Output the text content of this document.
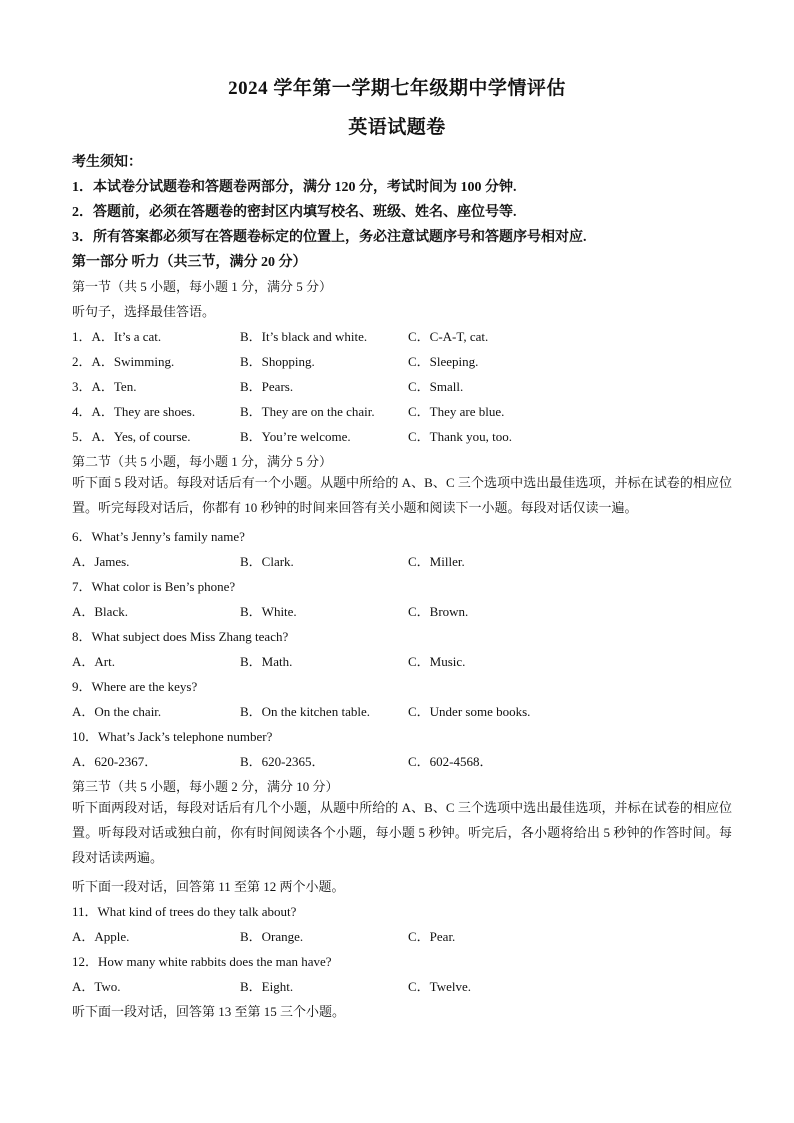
2024 学年第一学期七年级期中学情评估
英语试题卷
考生须知：
1．本试卷分试题卷和答题卷两部分，满分 120 分，考试时间为 100 分钟.
2．答题前，必须在答题卷的密封区内填写校名、班级、姓名、座位号等.
3．所有答案都必须写在答题卷标定的位置上，务必注意试题序号和答题序号相对应.
第一部分 听力（共三节，满分 20 分）
第一节（共 5 小题，每小题 1 分，满分 5 分）
听句子，选择最佳答语。
1．A．It’s a cat.	B．It’s black and white.	C．C-A-T, cat.
2．A．Swimming.	B．Shopping.	C．Sleeping.
3．A．Ten.	B．Pears.	C．Small.
4．A．They are shoes.	B．They are on the chair.	C．They are blue.
5．A．Yes, of course.	B．You’re welcome.	C．Thank you, too.
第二节（共 5 小题，每小题 1 分，满分 5 分）
听下面 5 段对话。每段对话后有一个小题。从题中所给的 A、B、C 三个选项中选出最佳选项，并标在试卷的相应位置。听完每段对话后，你都有 10 秒钟的时间来回答有关小题和阅读下一小题。每段对话仅读一遍。
6．What’s Jenny’s family name?
A．James.	B．Clark.	C．Miller.
7．What color is Ben’s phone?
A．Black.	B．White.	C．Brown.
8．What subject does Miss Zhang teach?
A．Art.	B．Math.	C．Music.
9．Where are the keys?
A．On the chair.	B．On the kitchen table.	C．Under some books.
10．What’s Jack’s telephone number?
A．620-2367．	B．620-2365．	C．602-4568．
第三节（共 5 小题，每小题 2 分，满分 10 分）
听下面两段对话，每段对话后有几个小题，从题中所给的 A、B、C 三个选项中选出最佳选项，并标在试卷的相应位置。听每段对话或独白前，你有时间阅读各个小题，每小题 5 秒钟。听完后，各小题将给出 5 秒钟的作答时间。每段对话读两遍。
听下面一段对话，回答第 11 至第 12 两个小题。
11．What kind of trees do they talk about?
A．Apple.	B．Orange.	C．Pear.
12．How many white rabbits does the man have?
A．Two.	B．Eight.	C．Twelve.
听下面一段对话，回答第 13 至第 15 三个小题。
